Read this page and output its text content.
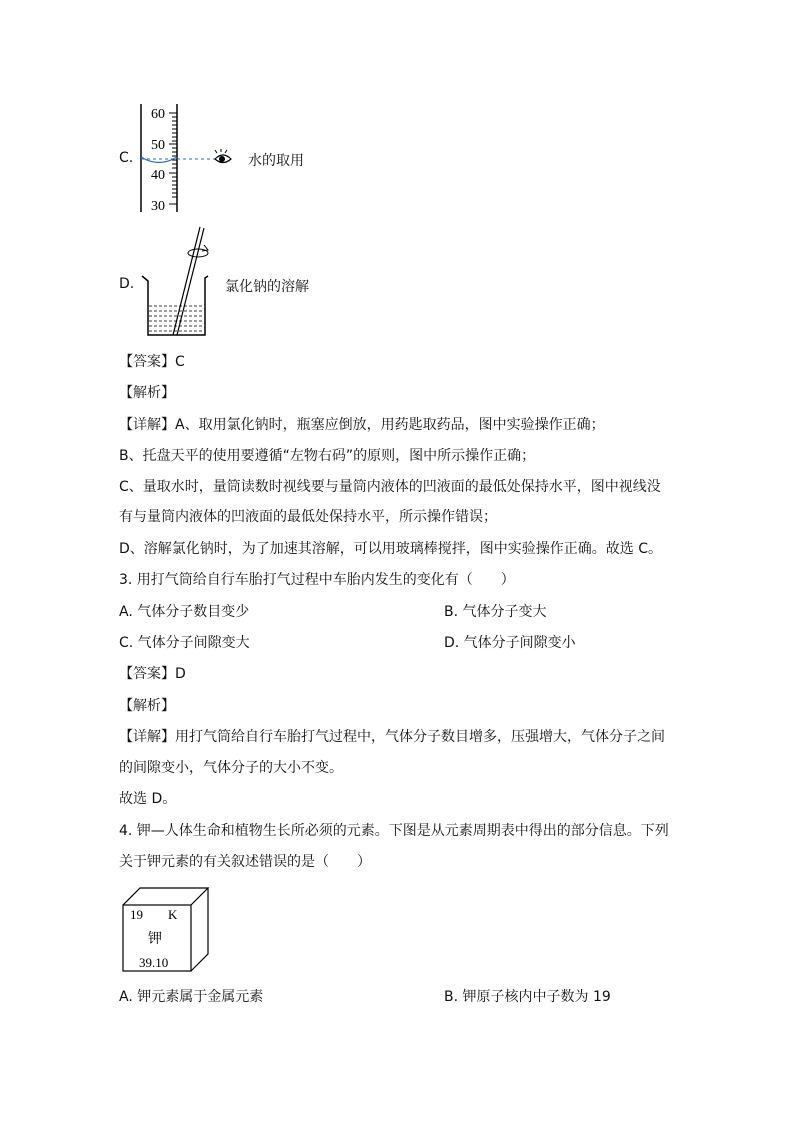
C.
60
50
40
30
水的取用
D.	氯化钠的溶解
【答案】C
【解析】
【详解】A、取用氯化钠时，瓶塞应倒放，用药匙取药品，图中实验操作正确；
B、托盘天平的使用要遵循“左物右码”的原则，图中所示操作正确；
C、量取水时，量筒读数时视线要与量筒内液体的凹液面的最低处保持水平，图中视线没
有与量筒内液体的凹液面的最低处保持水平，所示操作错误；
D、溶解氯化钠时，为了加速其溶解，可以用玻璃棒搅拌，图中实验操作正确。故选 C。
3. 用打气筒给自行车胎打气过程中车胎内发生的变化有（　　）
A. 气体分子数目变少	B. 气体分子变大
C. 气体分子间隙变大	D. 气体分子间隙变小
【答案】D
【解析】
【详解】用打气筒给自行车胎打气过程中，气体分子数目增多，压强增大，气体分子之间
的间隙变小，气体分子的大小不变。
故选 D。
4. 钾—人体生命和植物生长所必须的元素。下图是从元素周期表中得出的部分信息。下列
关于钾元素的有关叙述错误的是（　　）
19 K
钾
39.10
A. 钾元素属于金属元素	B. 钾原子核内中子数为 19
